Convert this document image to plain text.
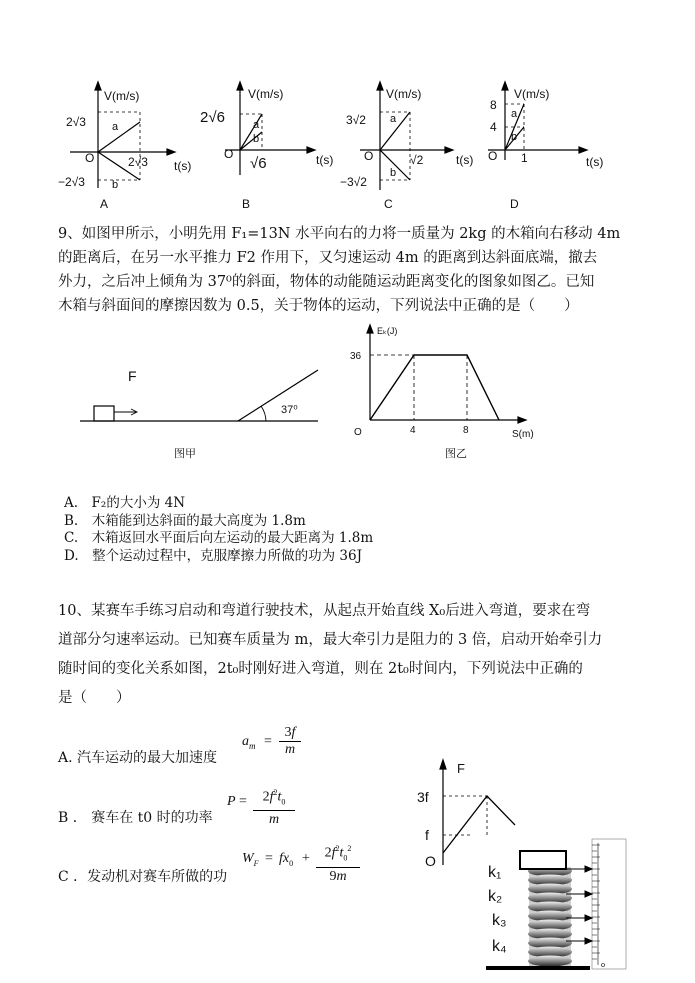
V(m/s)
t(s)
2√3
−2√3
2√3
O
a
b
A
V(m/s)
t(s)
2√6
√6
O
a
b
B
V(m/s)
t(s)
3√2
−3√2
√2
O
a
b
C
V(m/s)
t(s)
8
4
1
O
a
b
D
9、如图甲所示，小明先用 F₁=13N 水平向右的力将一质量为 2kg 的木箱向右移动 4m
的距离后，在另一水平推力 F2 作用下，又匀速运动 4m 的距离到达斜面底端，撤去
外力，之后冲上倾角为 37⁰的斜面，物体的动能随运动距离变化的图象如图乙。已知
木箱与斜面间的摩擦因数为 0.5，关于物体的运动，下列说法中正确的是（　　）
F
37⁰
图甲
Eₖ(J)
36
4	8
O	S(m)
图乙
A.　F₂的大小为 4N
B.　木箱能到达斜面的最大高度为 1.8m
C.　木箱返回水平面后向左运动的最大距离为 1.8m
D.　整个运动过程中，克服摩擦力所做的功为 36J
10、某赛车手练习启动和弯道行驶技术，从起点开始直线 X₀后进入弯道，要求在弯
道部分匀速率运动。已知赛车质量为 m，最大牵引力是阻力的 3 倍，启动开始牵引力
随时间的变化关系如图，2t₀时刚好进入弯道，则在 2t₀时间内，下列说法中正确的
是（　　）
A. 汽车运动的最大加速度
$a_m$ =
3f
m
B ． 赛车在 t0 时的功率
P =	$2f^2t_0$
m
C ．发动机对赛车所做的功
$W_F = fx_0$ +	$2f^2t_0^2$
9m
F
3f
f
O
k₁
k₂
k₃
k₄
